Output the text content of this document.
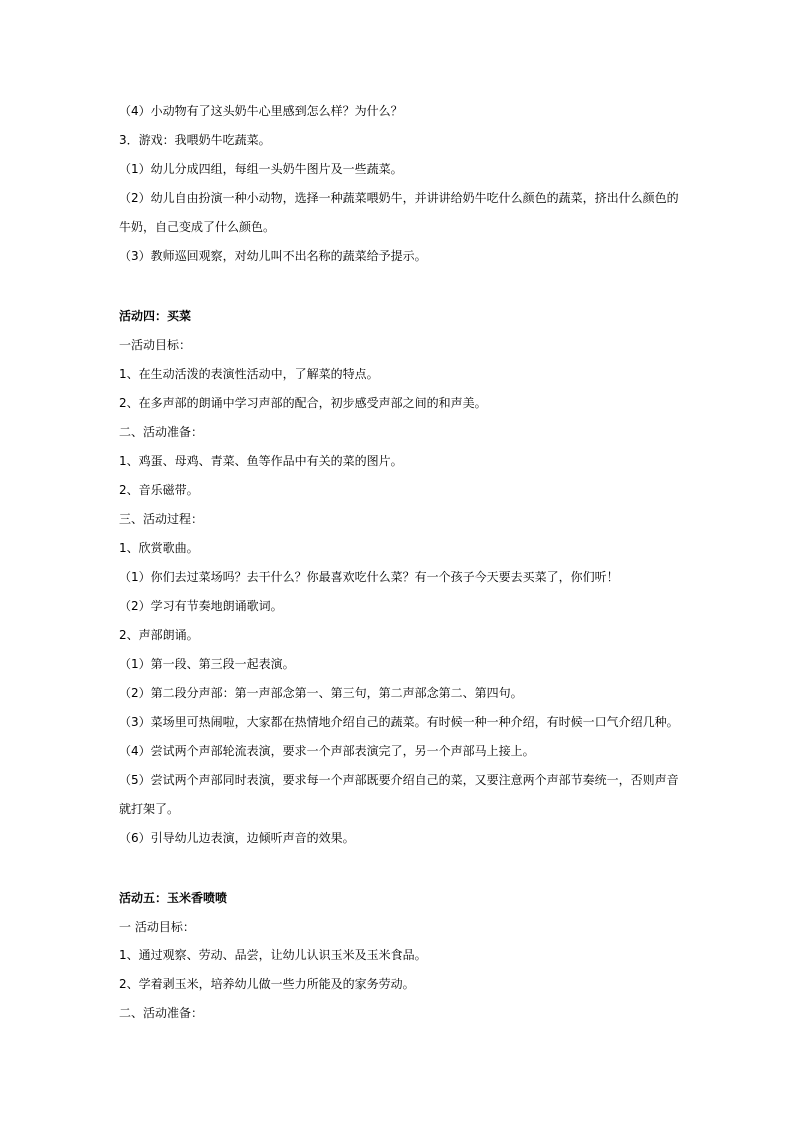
（4）小动物有了这头奶牛心里感到怎么样？为什么？
3．游戏：我喂奶牛吃蔬菜。
（1）幼儿分成四组，每组一头奶牛图片及一些蔬菜。
（2）幼儿自由扮演一种小动物，选择一种蔬菜喂奶牛，并讲讲给奶牛吃什么颜色的蔬菜，挤出什么颜色的
牛奶，自己变成了什么颜色。
（3）教师巡回观察，对幼儿叫不出名称的蔬菜给予提示。
活动四：买菜
一活动目标：
1、在生动活泼的表演性活动中，了解菜的特点。
2、在多声部的朗诵中学习声部的配合，初步感受声部之间的和声美。
二、活动准备：
1、鸡蛋、母鸡、青菜、鱼等作品中有关的菜的图片。
2、音乐磁带。
三、活动过程：
1、欣赏歌曲。
（1）你们去过菜场吗？去干什么？你最喜欢吃什么菜？有一个孩子今天要去买菜了，你们听！
（2）学习有节奏地朗诵歌词。
2、声部朗诵。
（1）第一段、第三段一起表演。
（2）第二段分声部：第一声部念第一、第三句，第二声部念第二、第四句。
（3）菜场里可热闹啦，大家都在热情地介绍自己的蔬菜。有时候一种一种介绍，有时候一口气介绍几种。
（4）尝试两个声部轮流表演，要求一个声部表演完了，另一个声部马上接上。
（5）尝试两个声部同时表演，要求每一个声部既要介绍自己的菜，又要注意两个声部节奏统一，否则声音
就打架了。
（6）引导幼儿边表演，边倾听声音的效果。
活动五：玉米香喷喷
一 活动目标：
1、通过观察、劳动、品尝，让幼儿认识玉米及玉米食品。
2、学着剥玉米，培养幼儿做一些力所能及的家务劳动。
二、活动准备：
